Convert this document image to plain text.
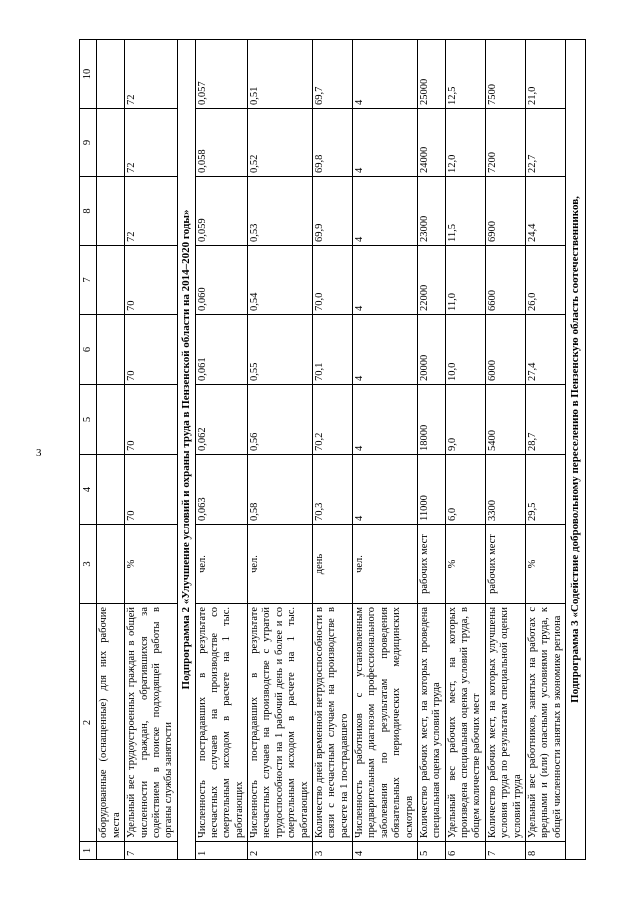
3
1	2	3	4	5	6	7	8	9	10
	оборудованные (оснащенные) для них рабочие места								
7	Удельный вес трудоустроенных граждан в общей численности граждан, обратившихся за содействием в поиске подходящей работы в органы службы занятости	%	70	70	70	70	72	72	72
Подпрограмма 2 «Улучшение условий и охраны труда в Пензенской области на 2014–2020 годы»									
1	Численность пострадавших в результате несчастных случаев на производстве со смертельным исходом в расчете на 1 тыс. работающих	чел.	0,063	0,062	0,061	0,060	0,059	0,058	0,057
2	Численность пострадавших в результате несчастных случаев на производстве с утратой трудоспособности на 1 рабочий день и более и со смертельным исходом в расчете на 1 тыс. работающих	чел.	0,58	0,56	0,55	0,54	0,53	0,52	0,51
3	Количество дней временной нетрудоспособности в связи с несчастным случаем на производстве в расчете на 1 пострадавшего	день	70,3	70,2	70,1	70,0	69,9	69,8	69,7
4	Численность работников с установленным предварительным диагнозом профессионального заболевания по результатам проведения обязательных периодических медицинских осмотров	чел.	4	4	4	4	4	4	4
5	Количество рабочих мест, на которых проведена специальная оценка условий труда	рабочих мест	11000	18000	20000	22000	23000	24000	25000
6	Удельный вес рабочих мест, на которых произведена специальная оценка условий труда, в общем количестве рабочих мест	%	6,0	9,0	10,0	11,0	11,5	12,0	12,5
7	Количество рабочих мест, на которых улучшены условия труда по результатам специальной оценки условий труда	рабочих мест	3300	5400	6000	6600	6900	7200	7500
8	Удельный вес работников, занятых на работах с вредными и (или) опасными условиями труда, к общей численности занятых в экономике региона	%	29,5	28,7	27,4	26,0	24,4	22,7	21,0
Подпрограмма 3 «Содействие добровольному переселению в Пензенскую область соотечественников,									
